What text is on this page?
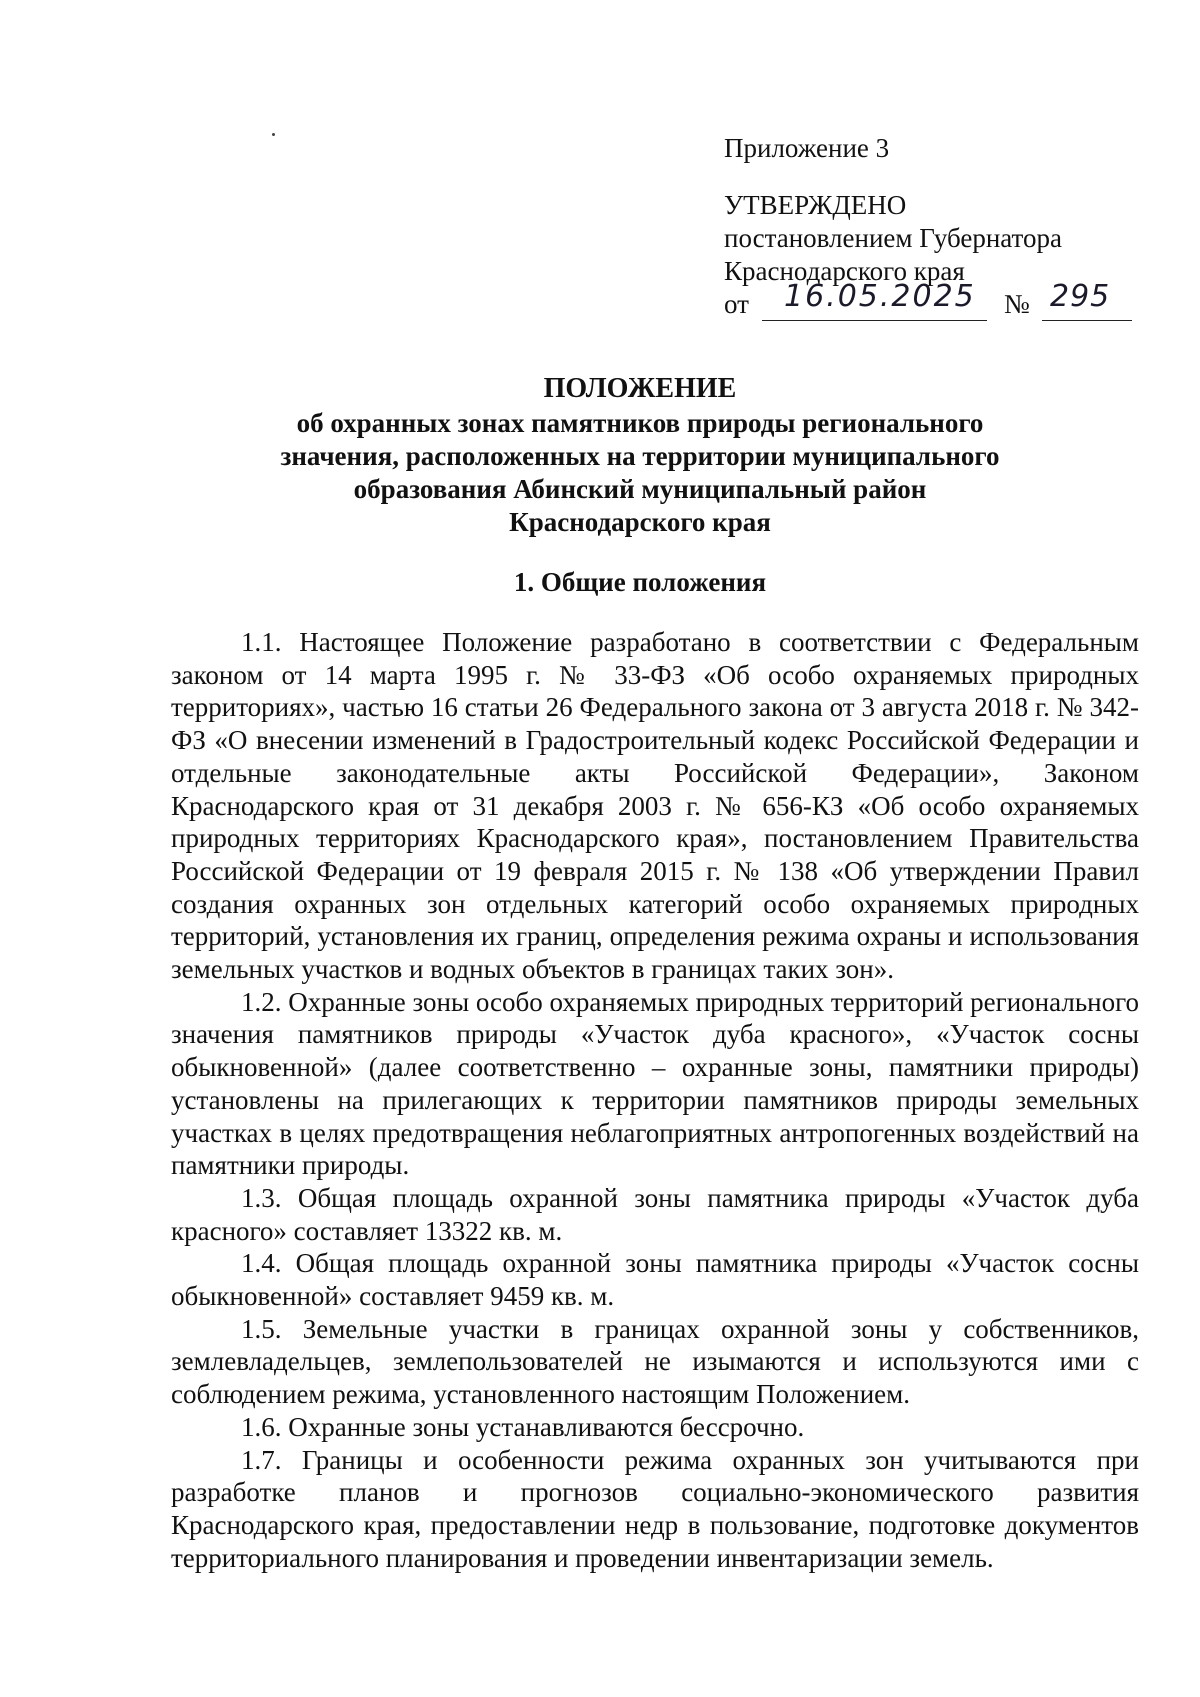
Приложение 3
УТВЕРЖДЕНО
постановлением Губернатора
Краснодарского края
от 16.05.2025 № 295
ПОЛОЖЕНИЕ
об охранных зонах памятников природы регионального
значения, расположенных на территории муниципального
образования Абинский муниципальный район
Краснодарского края
1. Общие положения

1.1. Настоящее Положение разработано в соответствии с Федеральным законом от 14 марта 1995 г. № 33-ФЗ «Об особо охраняемых природных территориях», частью 16 статьи 26 Федерального закона от 3 августа 2018 г. № 342-ФЗ «О внесении изменений в Градостроительный кодекс Российской Федерации и отдельные законодательные акты Российской Федерации», Законом Краснодарского края от 31 декабря 2003 г. № 656-КЗ «Об особо охраняемых природных территориях Краснодарского края», постановлением Правительства Российской Федерации от 19 февраля 2015 г. № 138 «Об утверждении Правил создания охранных зон отдельных категорий особо охраняемых природных территорий, установления их границ, определения режима охраны и использования земельных участков и водных объектов в границах таких зон».

1.2. Охранные зоны особо охраняемых природных территорий регионального значения памятников природы «Участок дуба красного», «Участок сосны обыкновенной» (далее соответственно – охранные зоны, памятники природы) установлены на прилегающих к территории памятников природы земельных участках в целях предотвращения неблагоприятных антропогенных воздействий на памятники природы.

1.3. Общая площадь охранной зоны памятника природы «Участок дуба красного» составляет 13322 кв. м.

1.4. Общая площадь охранной зоны памятника природы «Участок сосны обыкновенной» составляет 9459 кв. м.

1.5. Земельные участки в границах охранной зоны у собственников, землевладельцев, землепользователей не изымаются и используются ими с соблюдением режима, установленного настоящим Положением.

1.6. Охранные зоны устанавливаются бессрочно.

1.7. Границы и особенности режима охранных зон учитываются при разработке планов и прогнозов социально-экономического развития Краснодарского края, предоставлении недр в пользование, подготовке документов территориального планирования и проведении инвентаризации земель.
